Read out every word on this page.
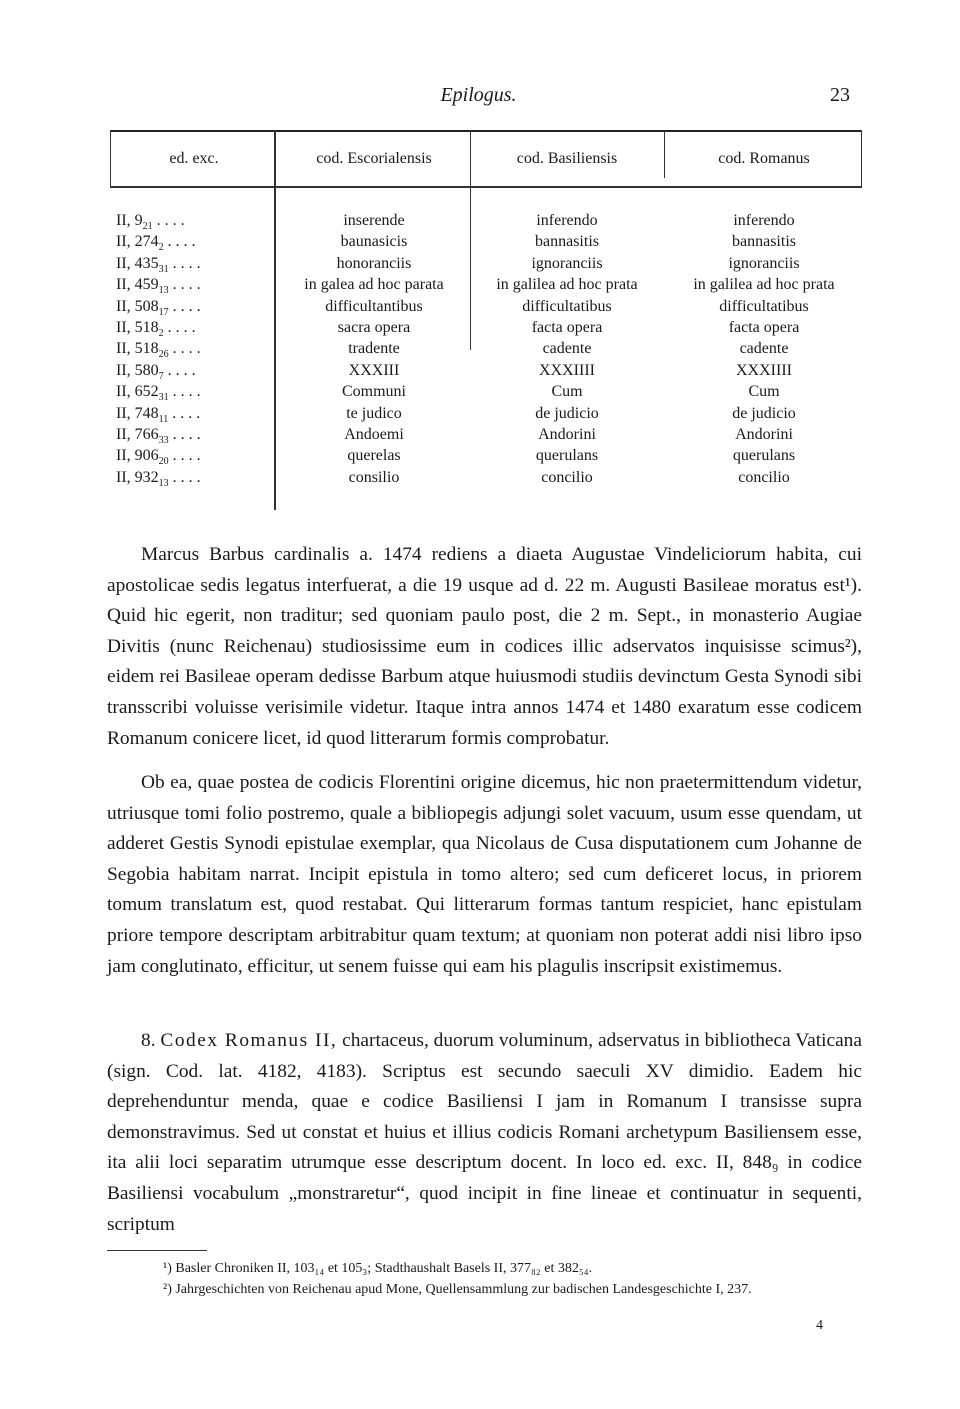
Epilogus.	23
ed. exc.	cod. Escorialensis	cod. Basiliensis	cod. Romanus
II, $9_{21}$ . . . .	inserende	inferendo	inferendo
II, $274_2$ . . . .	baunasicis	bannasitis	bannasitis
II, $435_{31}$ . . . .	honoranciis	ignoranciis	ignoranciis
II, $459_{13}$ . . . .	in galea ad hoc parata	in galilea ad hoc prata	in galilea ad hoc prata
II, $508_{17}$ . . . .	difficultantibus	difficultatibus	difficultatibus
II, $518_2$ . . . .	sacra opera	facta opera	facta opera
II, $518_{26}$ . . . .	tradente	cadente	cadente
II, $580_7$ . . . .	XXXIII	XXXIIII	XXXIIII
II, $652_{31}$ . . . .	Communi	Cum	Cum
II, $748_{11}$ . . . .	te judico	de judicio	de judicio
II, $766_{33}$ . . . .	Andoemi	Andorini	Andorini
II, $906_{20}$ . . . .	querelas	querulans	querulans
II, $932_{13}$ . . . .	consilio	concilio	concilio

Marcus Barbus cardinalis a. 1474 rediens a diaeta Augustae Vindeliciorum habita, cui apostolicae sedis legatus interfuerat, a die 19 usque ad d. 22 m. Augusti Basileae moratus est¹). Quid hic egerit, non traditur; sed quoniam paulo post, die 2 m. Sept., in monasterio Augiae Divitis (nunc Reichenau) studiosissime eum in codices illic adservatos inquisisse scimus²), eidem rei Basileae operam dedisse Barbum atque huiusmodi studiis devinctum Gesta Synodi sibi transscribi voluisse verisimile videtur. Itaque intra annos 1474 et 1480 exaratum esse codicem Romanum conicere licet, id quod litterarum formis comprobatur.

Ob ea, quae postea de codicis Florentini origine dicemus, hic non praetermittendum videtur, utriusque tomi folio postremo, quale a bibliopegis adjungi solet vacuum, usum esse quendam, ut adderet Gestis Synodi epistulae exemplar, qua Nicolaus de Cusa disputationem cum Johanne de Segobia habitam narrat. Incipit epistula in tomo altero; sed cum deficeret locus, in priorem tomum translatum est, quod restabat. Qui litterarum formas tantum respiciet, hanc epistulam priore tempore descriptam arbitrabitur quam textum; at quoniam non poterat addi nisi libro ipso jam conglutinato, efficitur, ut senem fuisse qui eam his plagulis inscripsit existimemus.

8. Codex Romanus II, chartaceus, duorum voluminum, adservatus in bibliotheca Vaticana (sign. Cod. lat. 4182, 4183). Scriptus est secundo saeculi XV dimidio. Eadem hic deprehenduntur menda, quae e codice Basiliensi I jam in Romanum I transisse supra demonstravimus. Sed ut constat et huius et illius codicis Romani archetypum Basiliensem esse, ita alii loci separatim utrumque esse descriptum docent. In loco ed. exc. II, 848₉ in codice Basiliensi vocabulum „monstraretur“, quod incipit in fine lineae et continuatur in sequenti, scriptum

¹) Basler Chroniken II, 103₁₄ et 105₃; Stadthaushalt Basels II, 377₈₂ et 382₅₄.

²) Jahrgeschichten von Reichenau apud Mone, Quellensammlung zur badischen Landesgeschichte I, 237.

4
